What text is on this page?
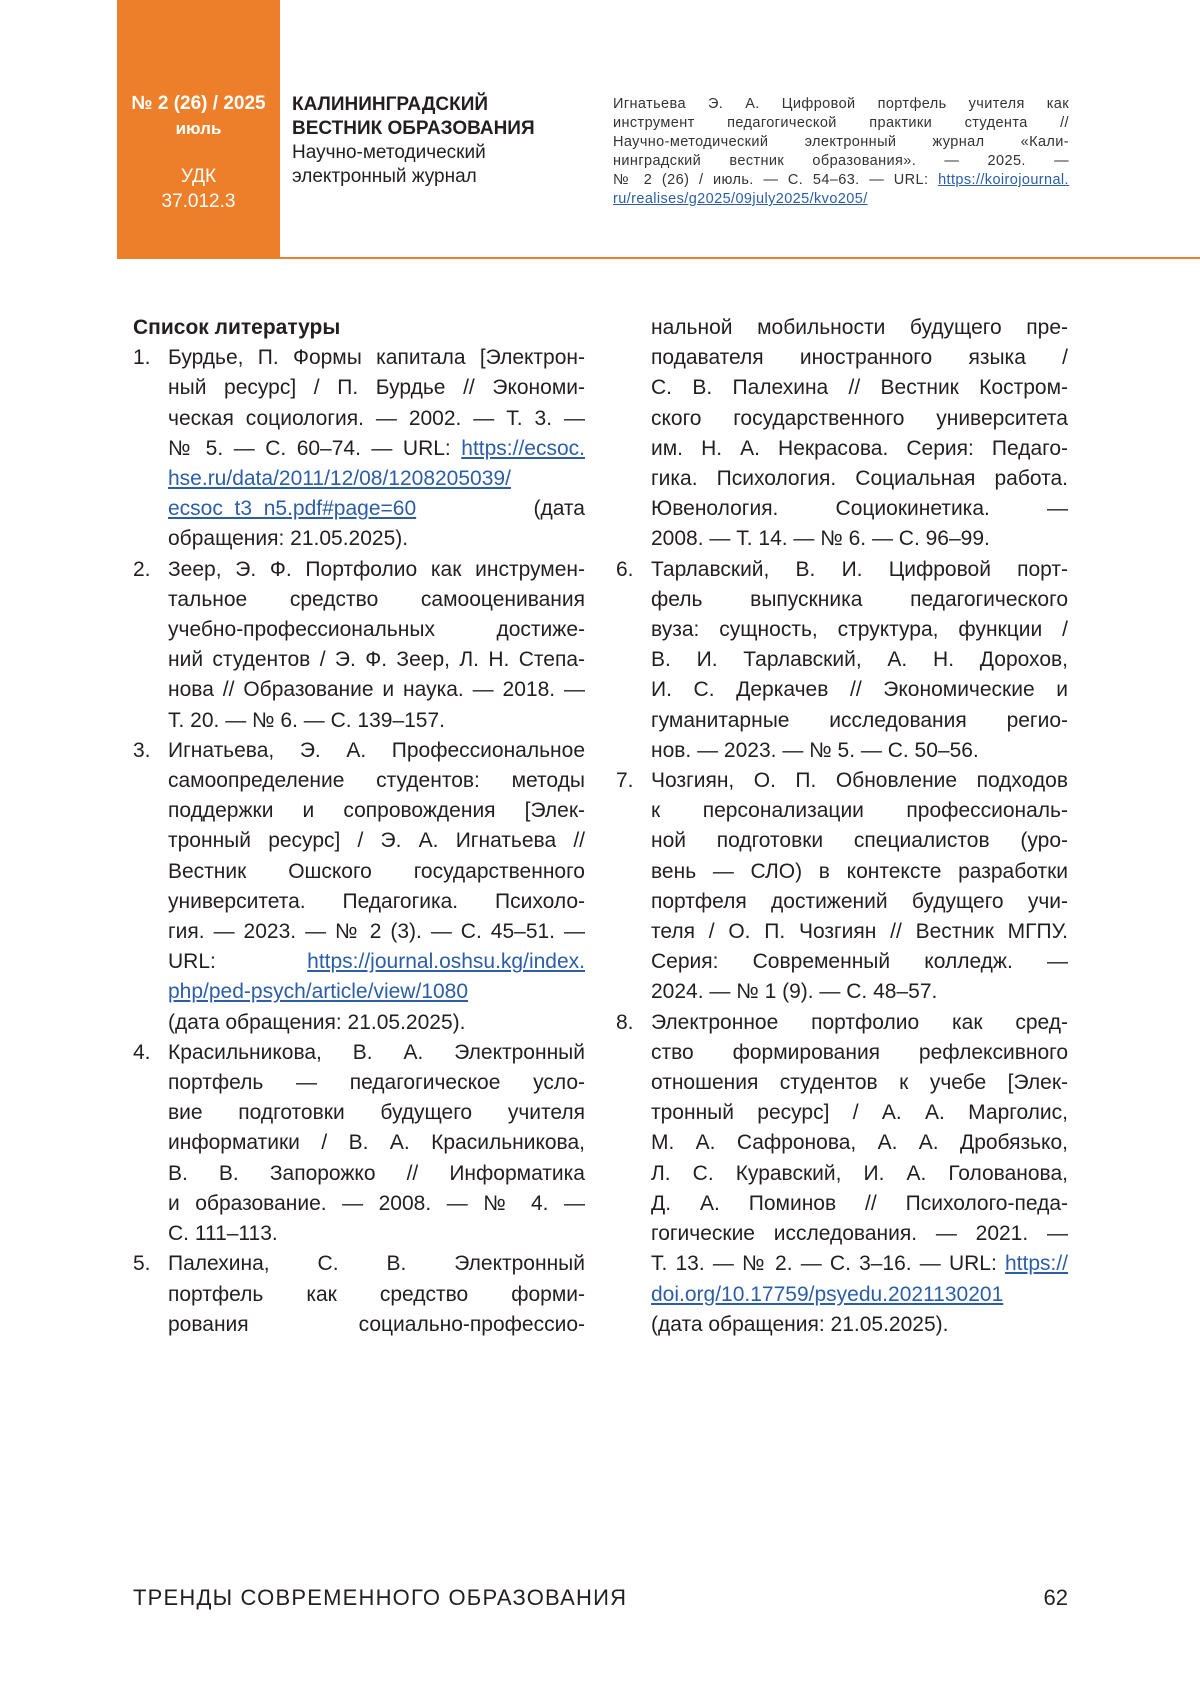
№ 2 (26) / 2025
июль
УДК
37.012.3
КАЛИНИНГРАДСКИЙ
ВЕСТНИК ОБРАЗОВАНИЯ
Научно-методический
электронный журнал
Игнатьева Э. А. Цифровой портфель учителя как
инструмент педагогической практики студента //
Научно-методический электронный журнал «Кали-
нинградский вестник образования». — 2025. —
№ 2 (26) / июль. — С. 54–63. — URL: https://koirojournal.
ru/realises/g2025/09july2025/kvo205/
Список литературы
1. Бурдье, П. Формы капитала [Электрон-
ный ресурс] / П. Бурдье // Экономи-
ческая социология. — 2002. — Т. 3. —
№ 5. — С. 60–74. — URL: https://ecsoc.
hse.ru/data/2011/12/08/1208205039/
ecsoc_t3_n5.pdf#page=60 (дата
обращения: 21.05.2025).
2. Зеер, Э. Ф. Портфолио как инструмен-
тальное средство самооценивания
учебно-профессиональных достиже-
ний студентов / Э. Ф. Зеер, Л. Н. Степа-
нова // Образование и наука. — 2018. —
Т. 20. — № 6. — С. 139–157.
3. Игнатьева, Э. А. Профессиональное
самоопределение студентов: методы
поддержки и сопровождения [Элек-
тронный ресурс] / Э. А. Игнатьева //
Вестник Ошского государственного
университета. Педагогика. Психоло-
гия. — 2023. — № 2 (3). — С. 45–51. —
URL: https://journal.oshsu.kg/index.
php/ped-psych/article/view/1080
(дата обращения: 21.05.2025).
4. Красильникова, В. А. Электронный
портфель — педагогическое усло-
вие подготовки будущего учителя
информатики / В. А. Красильникова,
В. В. Запорожко // Информатика
и образование. — 2008. — № 4. —
С. 111–113.
5. Палехина, С. В. Электронный
портфель как средство форми-
рования социально-профессио-
нальной мобильности будущего пре-
подавателя иностранного языка /
С. В. Палехина // Вестник Костром-
ского государственного университета
им. Н. А. Некрасова. Серия: Педаго-
гика. Психология. Социальная работа.
Ювенология. Социокинетика. —
2008. — Т. 14. — № 6. — С. 96–99.
6. Тарлавский, В. И. Цифровой порт-
фель выпускника педагогического
вуза: сущность, структура, функции /
В. И. Тарлавский, А. Н. Дорохов,
И. С. Деркачев // Экономические и
гуманитарные исследования регио-
нов. — 2023. — № 5. — С. 50–56.
7. Чозгиян, О. П. Обновление подходов
к персонализации профессиональ-
ной подготовки специалистов (уро-
вень — СЛО) в контексте разработки
портфеля достижений будущего учи-
теля / О. П. Чозгиян // Вестник МГПУ.
Серия: Современный колледж. —
2024. — № 1 (9). — С. 48–57.
8. Электронное портфолио как сред-
ство формирования рефлексивного
отношения студентов к учебе [Элек-
тронный ресурс] / А. А. Марголис,
М. А. Сафронова, А. А. Дробязько,
Л. С. Куравский, И. А. Голованова,
Д. А. Поминов // Психолого-педа-
гогические исследования. — 2021. —
Т. 13. — № 2. — С. 3–16. — URL: https://
doi.org/10.17759/psyedu.2021130201
(дата обращения: 21.05.2025).
ТРЕНДЫ СОВРЕМЕННОГО ОБРАЗОВАНИЯ	62
